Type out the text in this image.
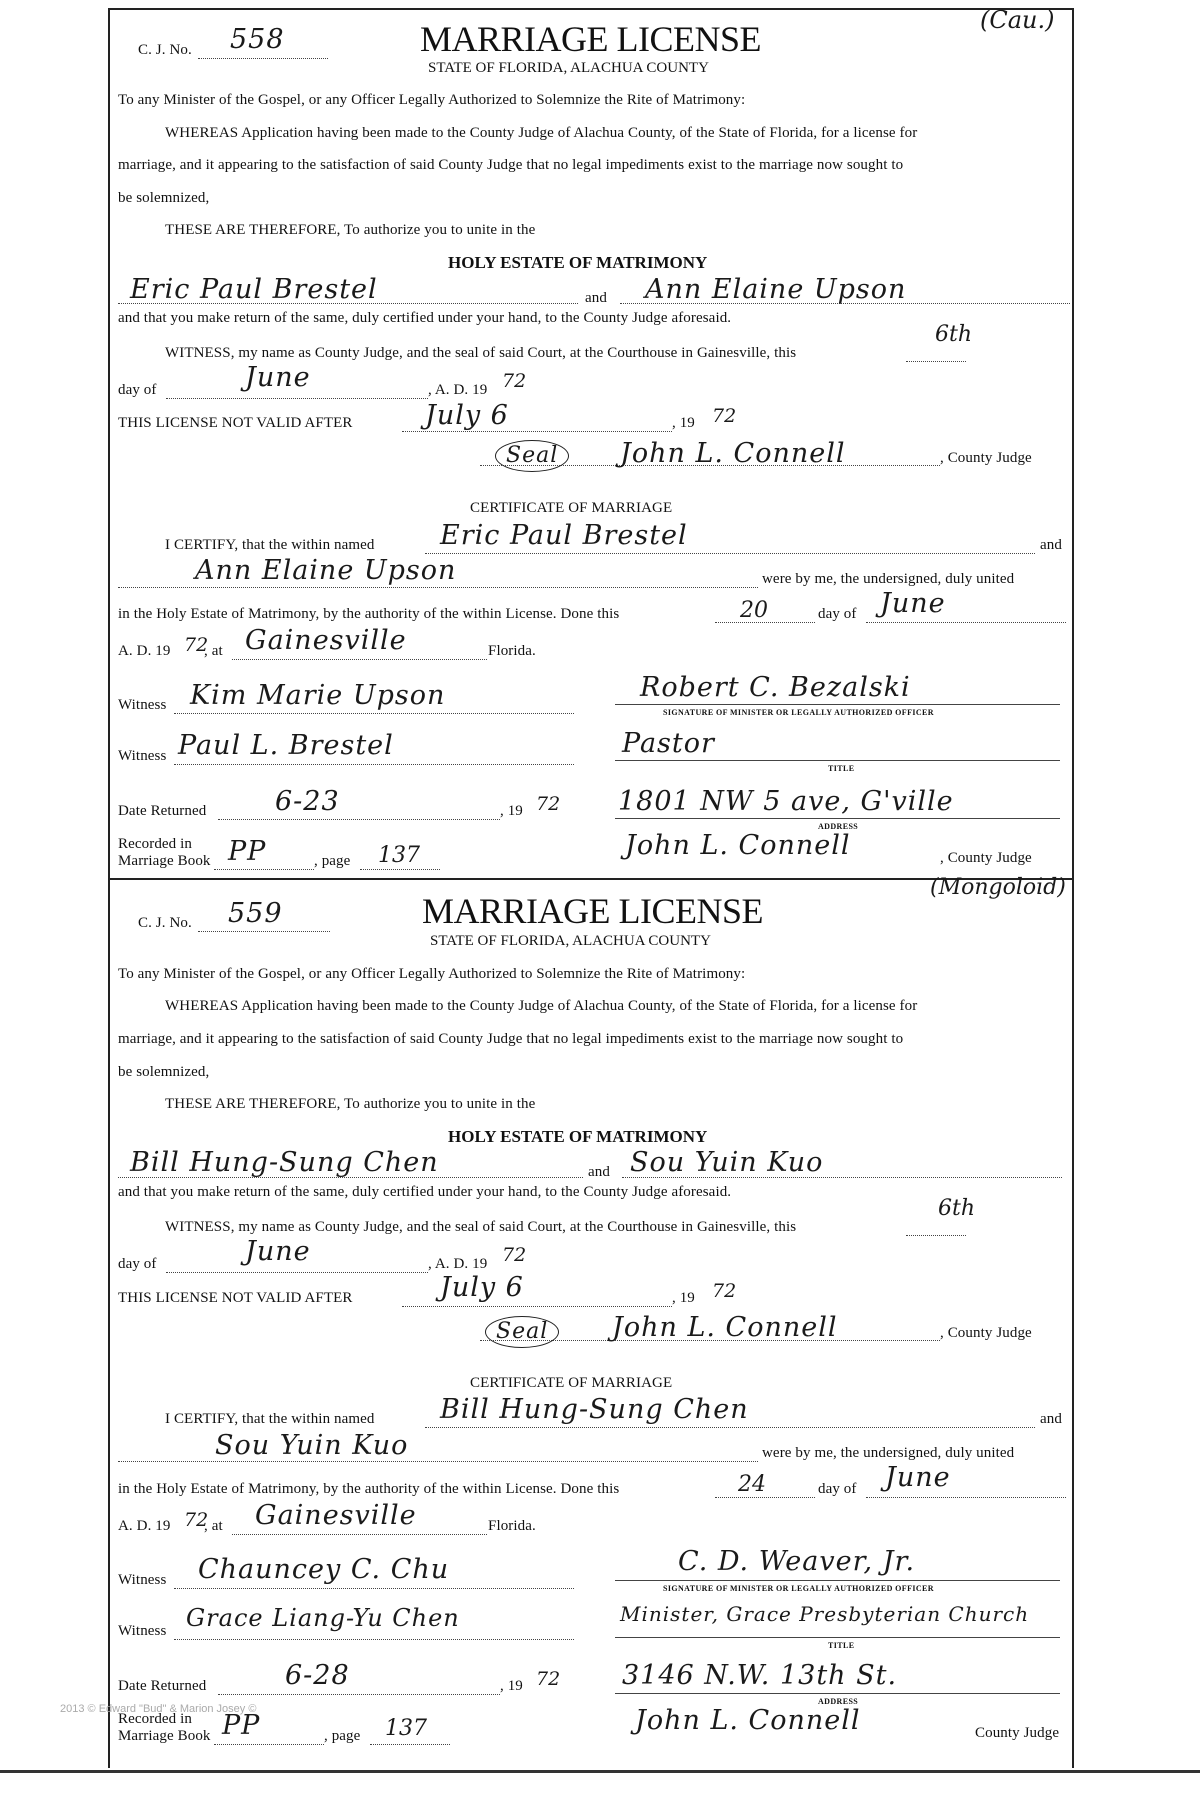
(Cau.)
C. J. No. 558	MARRIAGE LICENSE
STATE OF FLORIDA, ALACHUA COUNTY
To any Minister of the Gospel, or any Officer Legally Authorized to Solemnize the Rite of Matrimony:
WHEREAS Application having been made to the County Judge of Alachua County, of the State of Florida, for a license for
marriage, and it appearing to the satisfaction of said County Judge that no legal impediments exist to the marriage now sought to
be solemnized,
THESE ARE THEREFORE, To authorize you to unite in the
HOLY ESTATE OF MATRIMONY
Eric Paul Brestel	and Ann Elaine Upson
and that you make return of the same, duly certified under your hand, to the County Judge aforesaid.
WITNESS, my name as County Judge, and the seal of said Court, at the Courthouse in Gainesville, this
6th
day of	June	, A. D. 19 72
THIS LICENSE NOT VALID AFTER	July 6	, 19 72
Seal	John L. Connell	, County Judge
CERTIFICATE OF MARRIAGE
I CERTIFY, that the within named Eric Paul Brestel	and
Ann Elaine Upson	were by me, the undersigned, duly united
in the Holy Estate of Matrimony, by the authority of the within License. Done this	20	day of June
A. D. 19 72
, at Gainesville	Florida.
Witness Kim Marie Upson	Robert C. Bezalski
SIGNATURE OF MINISTER OR LEGALLY AUTHORIZED OFFICER
Witness Paul L. Brestel	Pastor
TITLE
Date Returned	6-23	, 19 72 1801 NW 5 ave, G'ville
ADDRESS
Recorded in
Marriage Book PP	, page 137	John L. Connell	, County Judge
(Mongoloid)
C. J. No. 559	MARRIAGE LICENSE
STATE OF FLORIDA, ALACHUA COUNTY
To any Minister of the Gospel, or any Officer Legally Authorized to Solemnize the Rite of Matrimony:
WHEREAS Application having been made to the County Judge of Alachua County, of the State of Florida, for a license for
marriage, and it appearing to the satisfaction of said County Judge that no legal impediments exist to the marriage now sought to
be solemnized,
THESE ARE THEREFORE, To authorize you to unite in the
HOLY ESTATE OF MATRIMONY
Bill Hung-Sung Chen	and Sou Yuin Kuo
and that you make return of the same, duly certified under your hand, to the County Judge aforesaid.
WITNESS, my name as County Judge, and the seal of said Court, at the Courthouse in Gainesville, this
6th
day of	June	, A. D. 19 72
THIS LICENSE NOT VALID AFTER	July 6	, 19 72
Seal	John L. Connell	, County Judge
CERTIFICATE OF MARRIAGE
I CERTIFY, that the within named Bill Hung-Sung Chen	and
Sou Yuin Kuo	were by me, the undersigned, duly united
in the Holy Estate of Matrimony, by the authority of the within License. Done this	24	day of June
A. D. 19 72
, at Gainesville	Florida.
Witness Chauncey C. Chu	C. D. Weaver, Jr.
SIGNATURE OF MINISTER OR LEGALLY AUTHORIZED OFFICER
Witness Grace Liang-Yu Chen	Minister, Grace Presbyterian Church
TITLE
Date Returned	6-28	, 19 72 3146 N.W. 13th St.
ADDRESS
Recorded in
Marriage Book PP	, page 137	John L. Connell	County Judge
2013 © Edward "Bud" & Marion Josey ©
